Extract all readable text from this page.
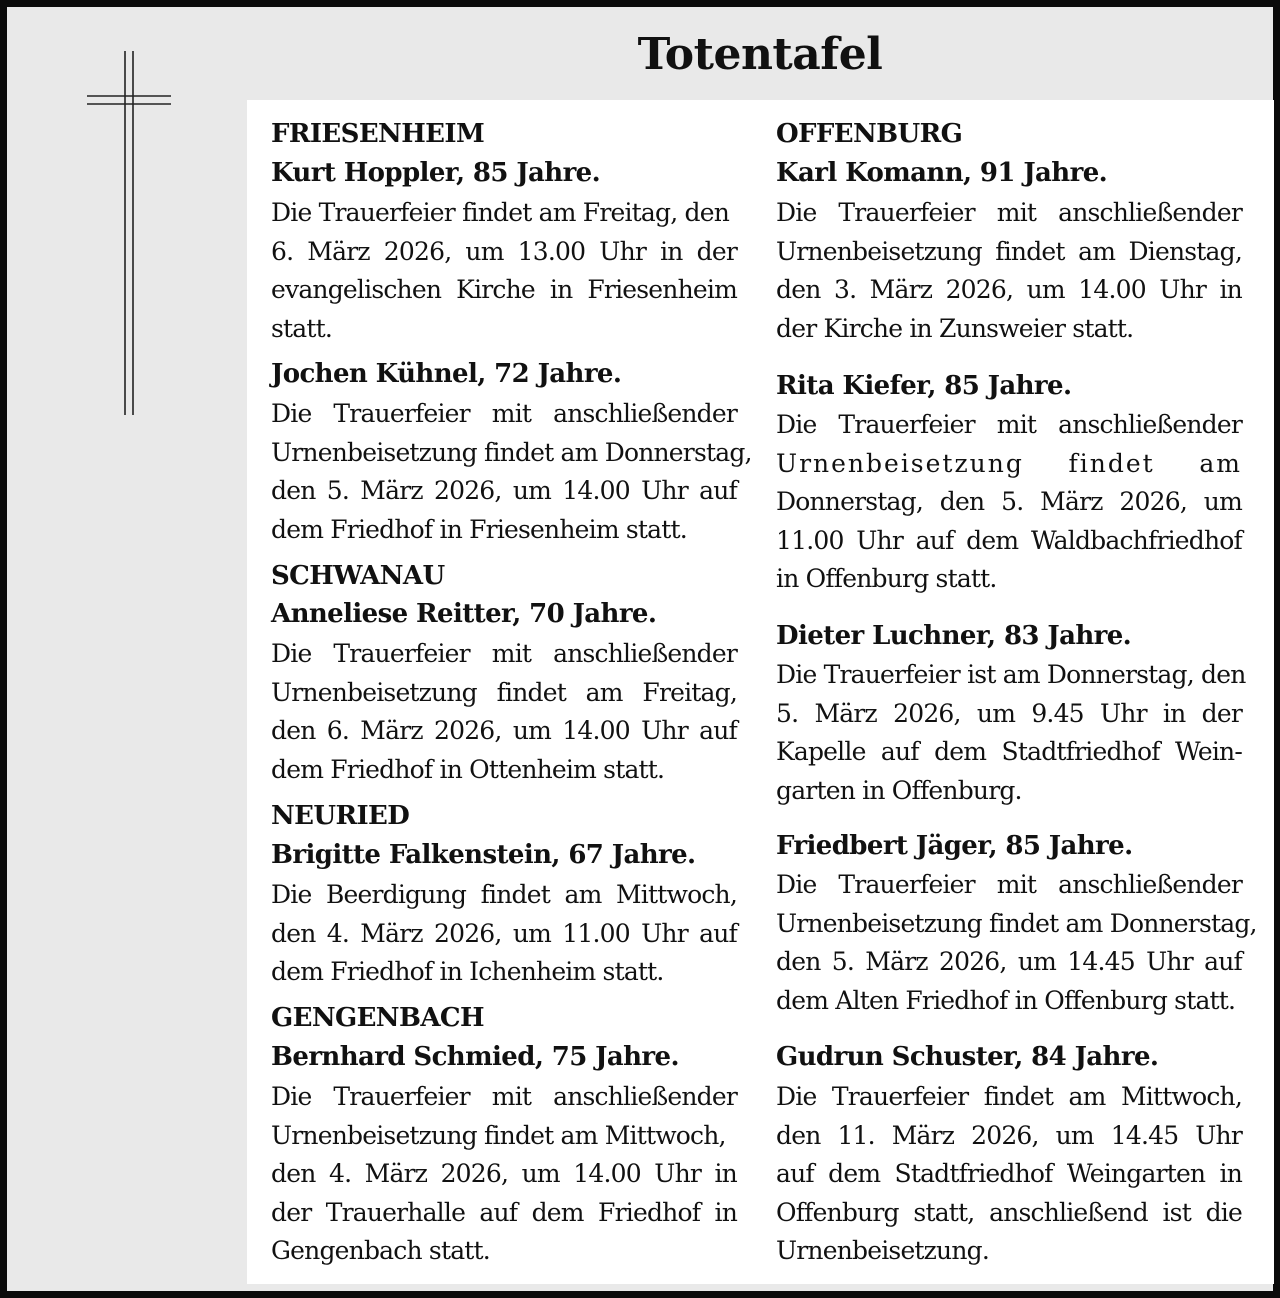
Totentafel
FRIESENHEIM
Kurt Hoppler, 85 Jahre.
Die Trauerfeier findet am Freitag, den
6. März 2026, um 13.00 Uhr in der
evangelischen Kirche in Friesenheim
statt.
Jochen Kühnel, 72 Jahre.
Die Trauerfeier mit anschließender
Urnenbeisetzung findet am Donnerstag,
den 5. März 2026, um 14.00 Uhr auf
dem Friedhof in Friesenheim statt.
SCHWANAU
Anneliese Reitter, 70 Jahre.
Die Trauerfeier mit anschließender
Urnenbeisetzung findet am Freitag,
den 6. März 2026, um 14.00 Uhr auf
dem Friedhof in Ottenheim statt.
NEURIED
Brigitte Falkenstein, 67 Jahre.
Die Beerdigung findet am Mittwoch,
den 4. März 2026, um 11.00 Uhr auf
dem Friedhof in Ichenheim statt.
GENGENBACH
Bernhard Schmied, 75 Jahre.
Die Trauerfeier mit anschließender
Urnenbeisetzung findet am Mittwoch,
den 4. März 2026, um 14.00 Uhr in
der Trauerhalle auf dem Friedhof in
Gengenbach statt.
OFFENBURG
Karl Komann, 91 Jahre.
Die Trauerfeier mit anschließender
Urnenbeisetzung findet am Dienstag,
den 3. März 2026, um 14.00 Uhr in
der Kirche in Zunsweier statt.
Rita Kiefer, 85 Jahre.
Die Trauerfeier mit anschließender
Urnenbeisetzung findet am
Donnerstag, den 5. März 2026, um
11.00 Uhr auf dem Waldbachfriedhof
in Offenburg statt.
Dieter Luchner, 83 Jahre.
Die Trauerfeier ist am Donnerstag, den
5. März 2026, um 9.45 Uhr in der
Kapelle auf dem Stadtfriedhof Wein-
garten in Offenburg.
Friedbert Jäger, 85 Jahre.
Die Trauerfeier mit anschließender
Urnenbeisetzung findet am Donnerstag,
den 5. März 2026, um 14.45 Uhr auf
dem Alten Friedhof in Offenburg statt.
Gudrun Schuster, 84 Jahre.
Die Trauerfeier findet am Mittwoch,
den 11. März 2026, um 14.45 Uhr
auf dem Stadtfriedhof Weingarten in
Offenburg statt, anschließend ist die
Urnenbeisetzung.
